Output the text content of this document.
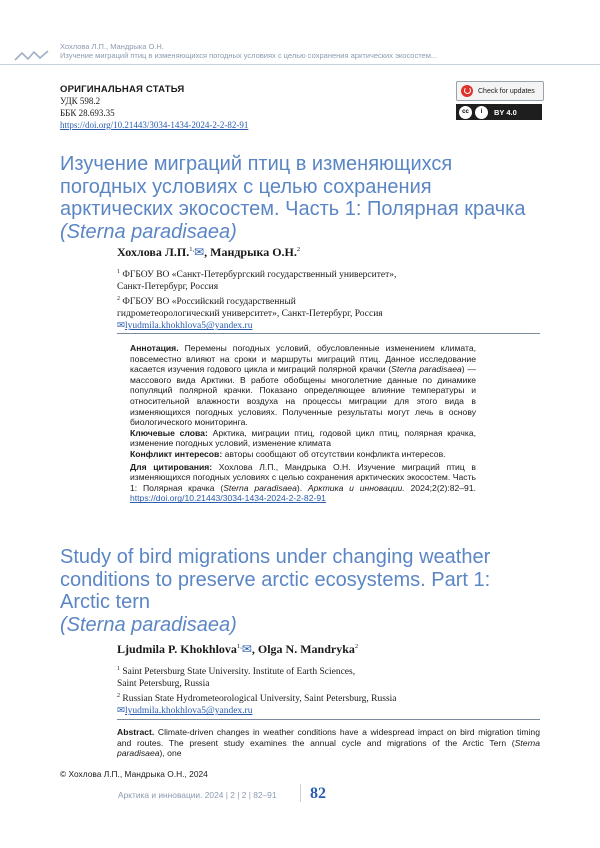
Хохлова Л.П., Мандрыка О.Н.
Изучение миграций птиц в изменяющихся погодных условиях с целью сохранения арктических экосостем...
ОРИГИНАЛЬНАЯ СТАТЬЯ
УДК 598.2
ББК 28.693.35
https://doi.org/10.21443/3034-1434-2024-2-2-82-91
Check for updates
cc	i	BY 4.0
Изучение миграций птиц в изменяющихся погодных условиях с целью сохранения арктических экосостем. Часть 1: Полярная крачка (Sterna paradisaea)
Хохлова Л.П.$^{1,}$✉, Мандрыка О.Н.$^2$
$^1$ ФГБОУ ВО «Санкт-Петербургский государственный университет»,
Санкт-Петербург, Россия
$^2$ ФГБОУ ВО «Российский государственный
гидрометеорологический университет», Санкт-Петербург, Россия
✉lyudmila.khokhlova5@yandex.ru

Аннотация. Перемены погодных условий, обусловленные изменением климата, повсеместно влияют на сроки и маршруты миграций птиц. Данное исследование касается изучения годового цикла и миграций полярной крачки (Sterna paradisaea) — массового вида Арктики. В работе обобщены многолетние данные по динамике популяций полярной крачки. Показано определяющее влияние температуры и относительной влажности воздуха на процессы миграции для этого вида в изменяющихся погодных условиях. Полученные результаты могут лечь в основу биологического мониторинга.

Ключевые слова: Арктика, миграции птиц, годовой цикл птиц, полярная крачка, изменение погодных условий, изменение климата

Конфликт интересов: авторы сообщают об отсутствии конфликта интересов.

Для цитирования: Хохлова Л.П., Мандрыка О.Н. Изучение миграций птиц в изменяющихся погодных условиях с целью сохранения арктических экосостем. Часть 1: Полярная крачка (Sterna paradisaea). Арктика и инновации. 2024;2(2):82–91. https://doi.org/10.21443/3034-1434-2024-2-2-82-91

Study of bird migrations under changing weather conditions to preserve arctic ecosystems. Part 1: Arctic tern
(Sterna paradisaea)
Ljudmila P. Khokhlova$^{1,}$✉, Olga N. Mandryka$^2$
$^1$ Saint Petersburg State University. Institute of Earth Sciences,
Saint Petersburg, Russia
$^2$ Russian State Hydrometeorological University, Saint Petersburg, Russia
✉lyudmila.khokhlova5@yandex.ru
Abstract. Climate-driven changes in weather conditions have a widespread impact on bird migration timing and routes. The present study examines the annual cycle and migrations of the Arctic Tern (Sterna paradisaea), one
© Хохлова Л.П., Мандрыка О.Н., 2024
Арктика и инновации. 2024 | 2 | 2 | 82–91 82
